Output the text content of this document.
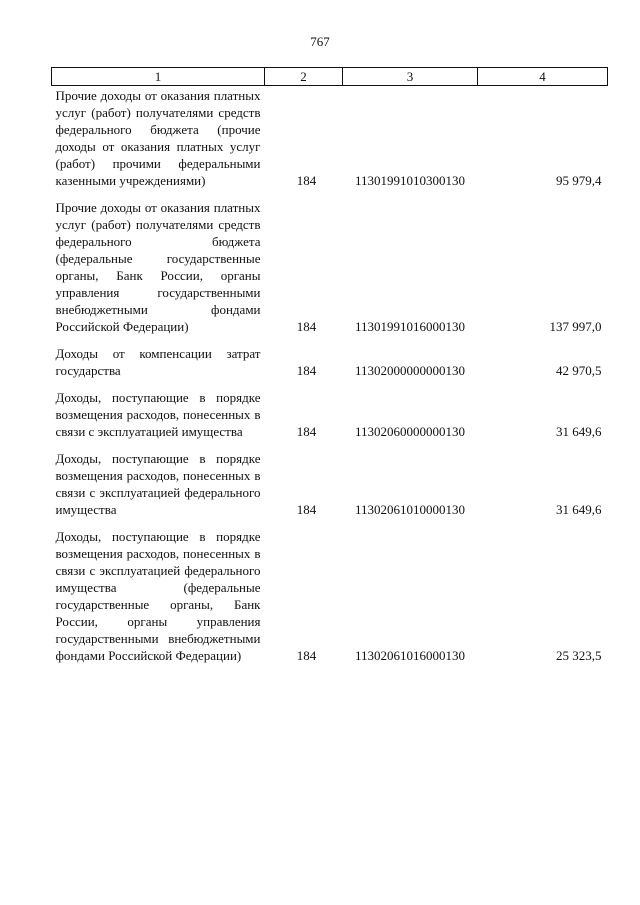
767
1	2	3	4
Прочие доходы от оказания платных услуг (работ) получателями средств федерального бюджета (прочие доходы от оказания платных услуг (работ) прочими федеральными казенными учреждениями)	184	11301991010300130	95 979,4

Прочие доходы от оказания платных услуг (работ) получателями средств федерального бюджета (федеральные государственные органы, Банк России, органы управления государственными внебюджетными фондами Российской Федерации)	184	11301991016000130	137 997,0

Доходы от компенсации затрат государства	184	11302000000000130	42 970,5

Доходы, поступающие в порядке возмещения расходов, понесенных в связи с эксплуатацией имущества	184	11302060000000130	31 649,6

Доходы, поступающие в порядке возмещения расходов, понесенных в связи с эксплуатацией федерального имущества	184	11302061010000130	31 649,6

Доходы, поступающие в порядке возмещения расходов, понесенных в связи с эксплуатацией федерального имущества (федеральные государственные органы, Банк России, органы управления государственными внебюджетными фондами Российской Федерации)	184	11302061016000130	25 323,5
